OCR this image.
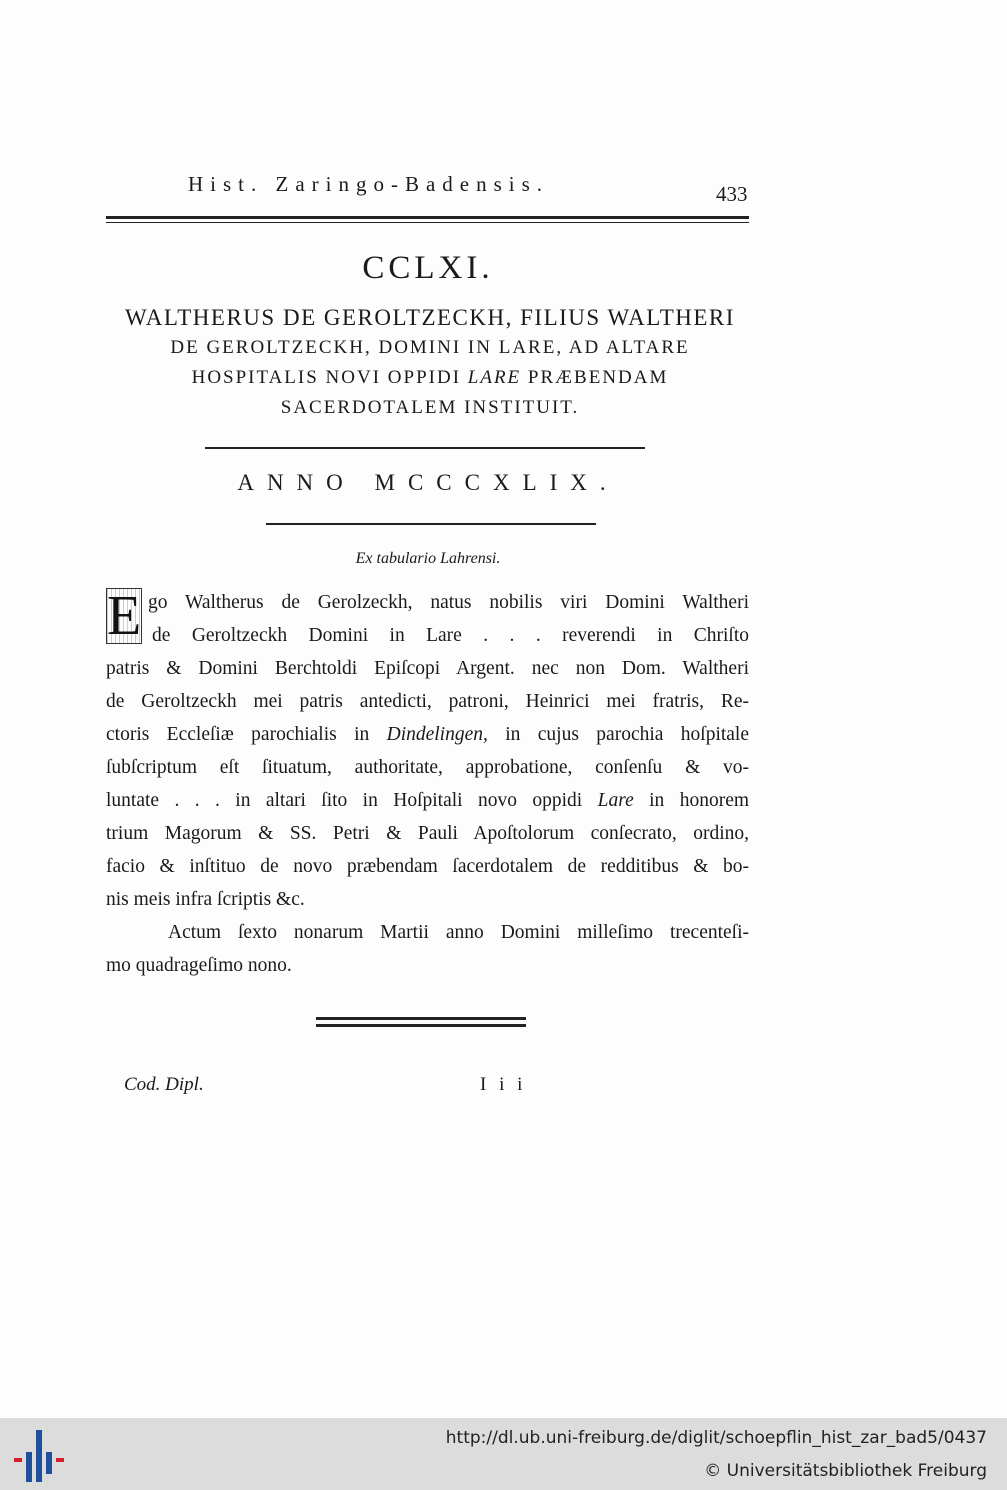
Hist. Zaringo-Badensis.	433
CCLXI.
WALTHERUS DE GEROLTZECKH, FILIUS WALTHERI
DE GEROLTZECKH, DOMINI IN LARE, AD ALTARE
HOSPITALIS NOVI OPPIDI LARE PRÆBENDAM
SACERDOTALEM INSTITUIT.
ANNO MCCCXLIX.
Ex tabulario Lahrensi.
E go Waltherus de Gerolzeckh, natus nobilis viri Domini Waltheri
de Geroltzeckh Domini in Lare . . . reverendi in Chriſto
patris & Domini Berchtoldi Epiſcopi Argent. nec non Dom. Waltheri
de Geroltzeckh mei patris antedicti, patroni, Heinrici mei fratris, Re-
ctoris Eccleſiæ parochialis in Dindelingen, in cujus parochia hoſpitale
ſubſcriptum eſt ſituatum, authoritate, approbatione, conſenſu & vo-
luntate . . . in altari ſito in Hoſpitali novo oppidi Lare in honorem
trium Magorum & SS. Petri & Pauli Apoſtolorum conſecrato, ordino,
facio & inſtituo de novo præbendam ſacerdotalem de redditibus & bo-
nis meis infra ſcriptis &c.
Actum ſexto nonarum Martii anno Domini milleſimo trecenteſi-
mo quadrageſimo nono.
Cod. Dipl.	I i i
http://dl.ub.uni-freiburg.de/diglit/schoepflin_hist_zar_bad5/0437
© Universitätsbibliothek Freiburg
